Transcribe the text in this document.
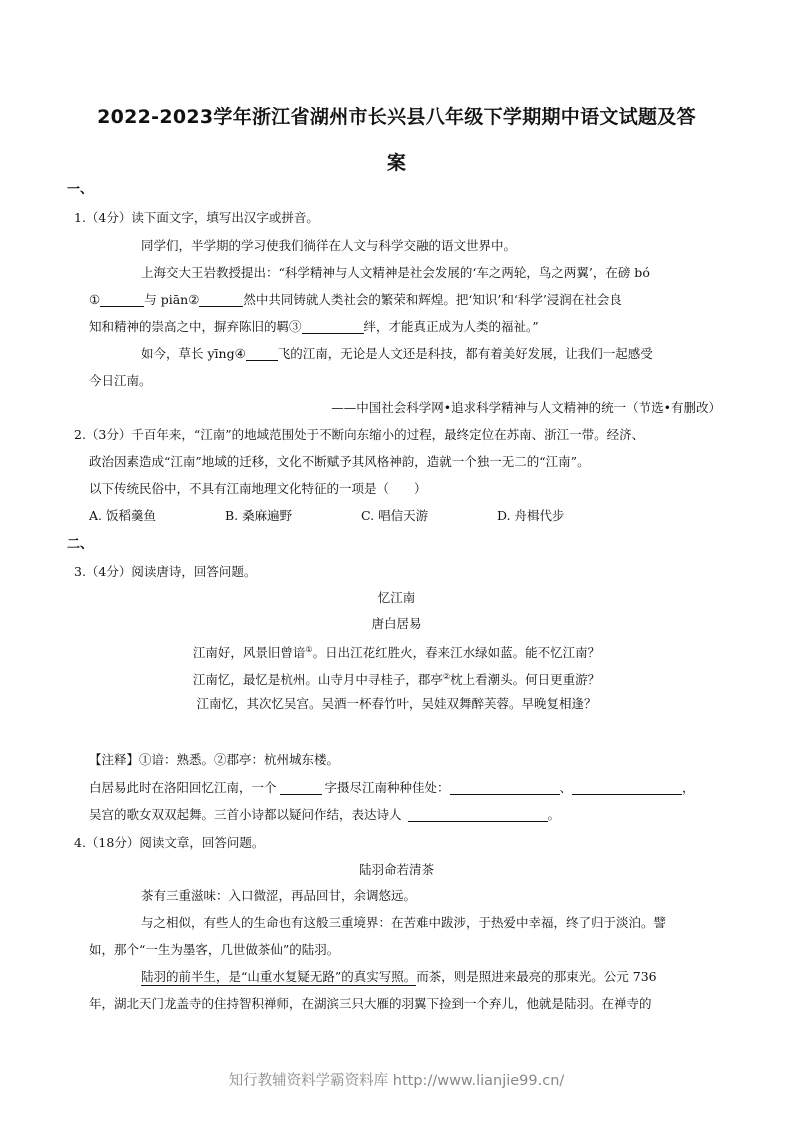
2022-2023学年浙江省湖州市长兴县八年级下学期期中语文试题及答
案
一、
1.（4分）读下面文字，填写出汉字或拼音。
同学们，半学期的学习使我们徜徉在人文与科学交融的语文世界中。
上海交大王岩教授提出：“科学精神与人文精神是社会发展的‘车之两轮，鸟之两翼’，在磅 bó
①	与 piān②	然中共同铸就人类社会的繁荣和辉煌。把‘知识’和‘科学’浸润在社会良
知和精神的崇高之中，摒弃陈旧的羁③	绊，才能真正成为人类的福祉。”
如今，草长 yīng④	飞的江南，无论是人文还是科技，都有着美好发展，让我们一起感受
今日江南。
——中国社会科学网•追求科学精神与人文精神的统一（节选•有删改）
2.（3分）千百年来，“江南”的地域范围处于不断向东缩小的过程，最终定位在苏南、浙江一带。经济、
政治因素造成“江南”地域的迁移，文化不断赋予其风格神韵，造就一个独一无二的“江南”。
以下传统民俗中，不具有江南地理文化特征的一项是（　　）
A. 饭稻羹鱼	B. 桑麻遍野	C. 唱信天游	D. 舟楫代步
二、
3.（4分）阅读唐诗，回答问题。
忆江南
唐白居易
江南好，风景旧曾谙①。日出江花红胜火，春来江水绿如蓝。能不忆江南？
江南忆，最忆是杭州。山寺月中寻桂子，郡亭②枕上看潮头。何日更重游？
江南忆，其次忆吴宫。吴酒一杯春竹叶，吴娃双舞醉芙蓉。早晚复相逢？
【注释】①谙：熟悉。②郡亭：杭州城东楼。
白居易此时在洛阳回忆江南，一个	字摄尽江南种种佳处：	、	，
吴宫的歌女双双起舞。三首小诗都以疑问作结，表达诗人	。
4.（18分）阅读文章，回答问题。
陆羽命若清茶
茶有三重滋味：入口微涩，再品回甘，余调悠远。
与之相似，有些人的生命也有这般三重境界：在苦难中跋涉，于热爱中幸福，终了归于淡泊。譬
如，那个“一生为墨客，几世做茶仙”的陆羽。
陆羽的前半生，是“山重水复疑无路”的真实写照。而茶，则是照进来最亮的那束光。公元 736
年，湖北天门龙盖寺的住持智积禅师，在湖滨三只大雁的羽翼下捡到一个弃儿，他就是陆羽。在禅寺的
知行教辅资料学霸资料库 http://www.lianjie99.cn/
